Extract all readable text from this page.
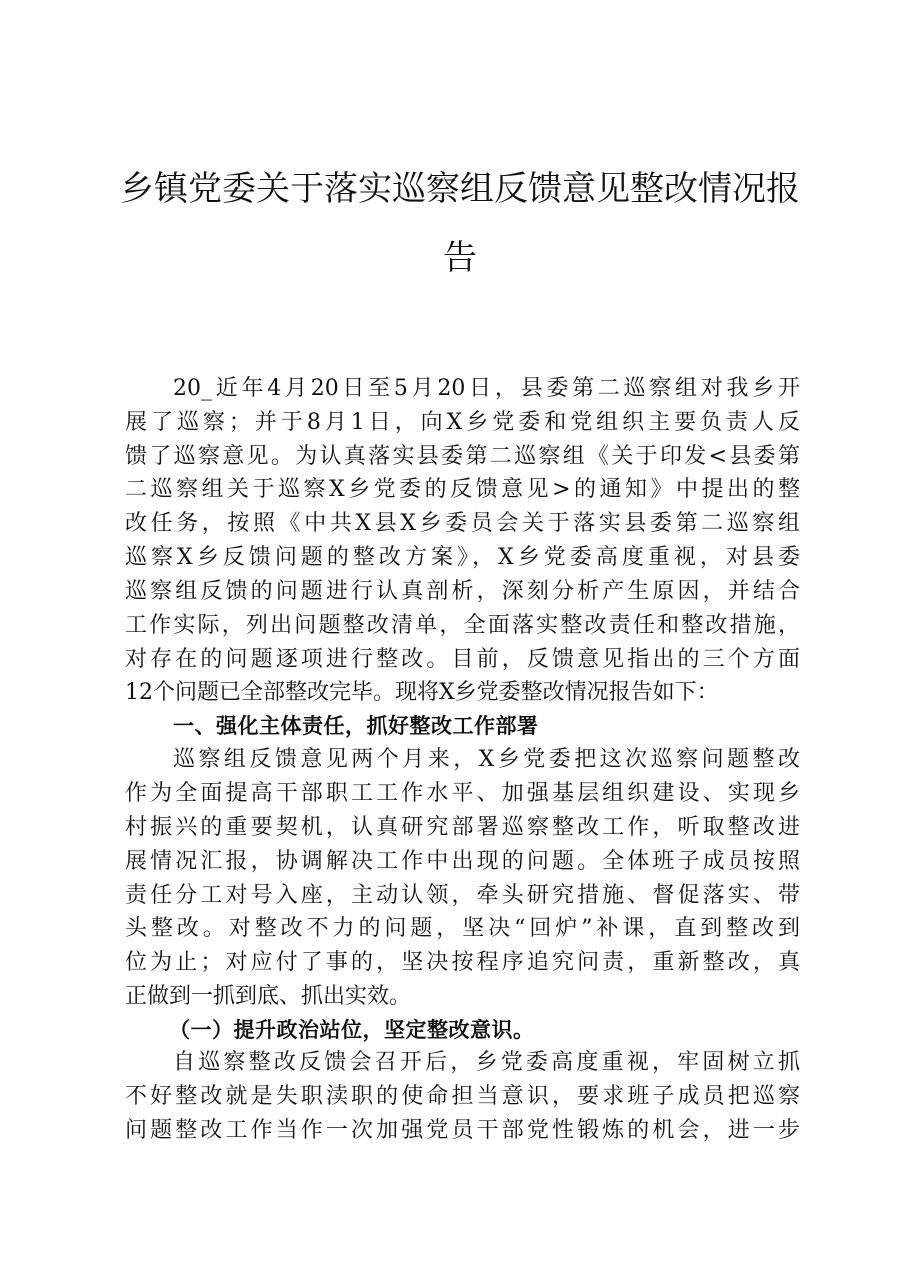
乡镇党委关于落实巡察组反馈意见整改情况报
告
20_近年4月20日至5月20日，县委第二巡察组对我乡开
展了巡察；并于8月1日，向X乡党委和党组织主要负责人反
馈了巡察意见。为认真落实县委第二巡察组《关于印发<县委第
二巡察组关于巡察X乡党委的反馈意见>的通知》中提出的整
改任务，按照《中共X县X乡委员会关于落实县委第二巡察组
巡察X乡反馈问题的整改方案》，X乡党委高度重视，对县委
巡察组反馈的问题进行认真剖析，深刻分析产生原因，并结合
工作实际，列出问题整改清单，全面落实整改责任和整改措施，
对存在的问题逐项进行整改。目前，反馈意见指出的三个方面
12个问题已全部整改完毕。现将X乡党委整改情况报告如下：
一、强化主体责任，抓好整改工作部署
巡察组反馈意见两个月来，X乡党委把这次巡察问题整改
作为全面提高干部职工工作水平、加强基层组织建设、实现乡
村振兴的重要契机，认真研究部署巡察整改工作，听取整改进
展情况汇报，协调解决工作中出现的问题。全体班子成员按照
责任分工对号入座，主动认领，牵头研究措施、督促落实、带
头整改。对整改不力的问题，坚决“回炉”补课，直到整改到
位为止；对应付了事的，坚决按程序追究问责，重新整改，真
正做到一抓到底、抓出实效。
（一）提升政治站位，坚定整改意识。
自巡察整改反馈会召开后，乡党委高度重视，牢固树立抓
不好整改就是失职渎职的使命担当意识，要求班子成员把巡察
问题整改工作当作一次加强党员干部党性锻炼的机会，进一步
